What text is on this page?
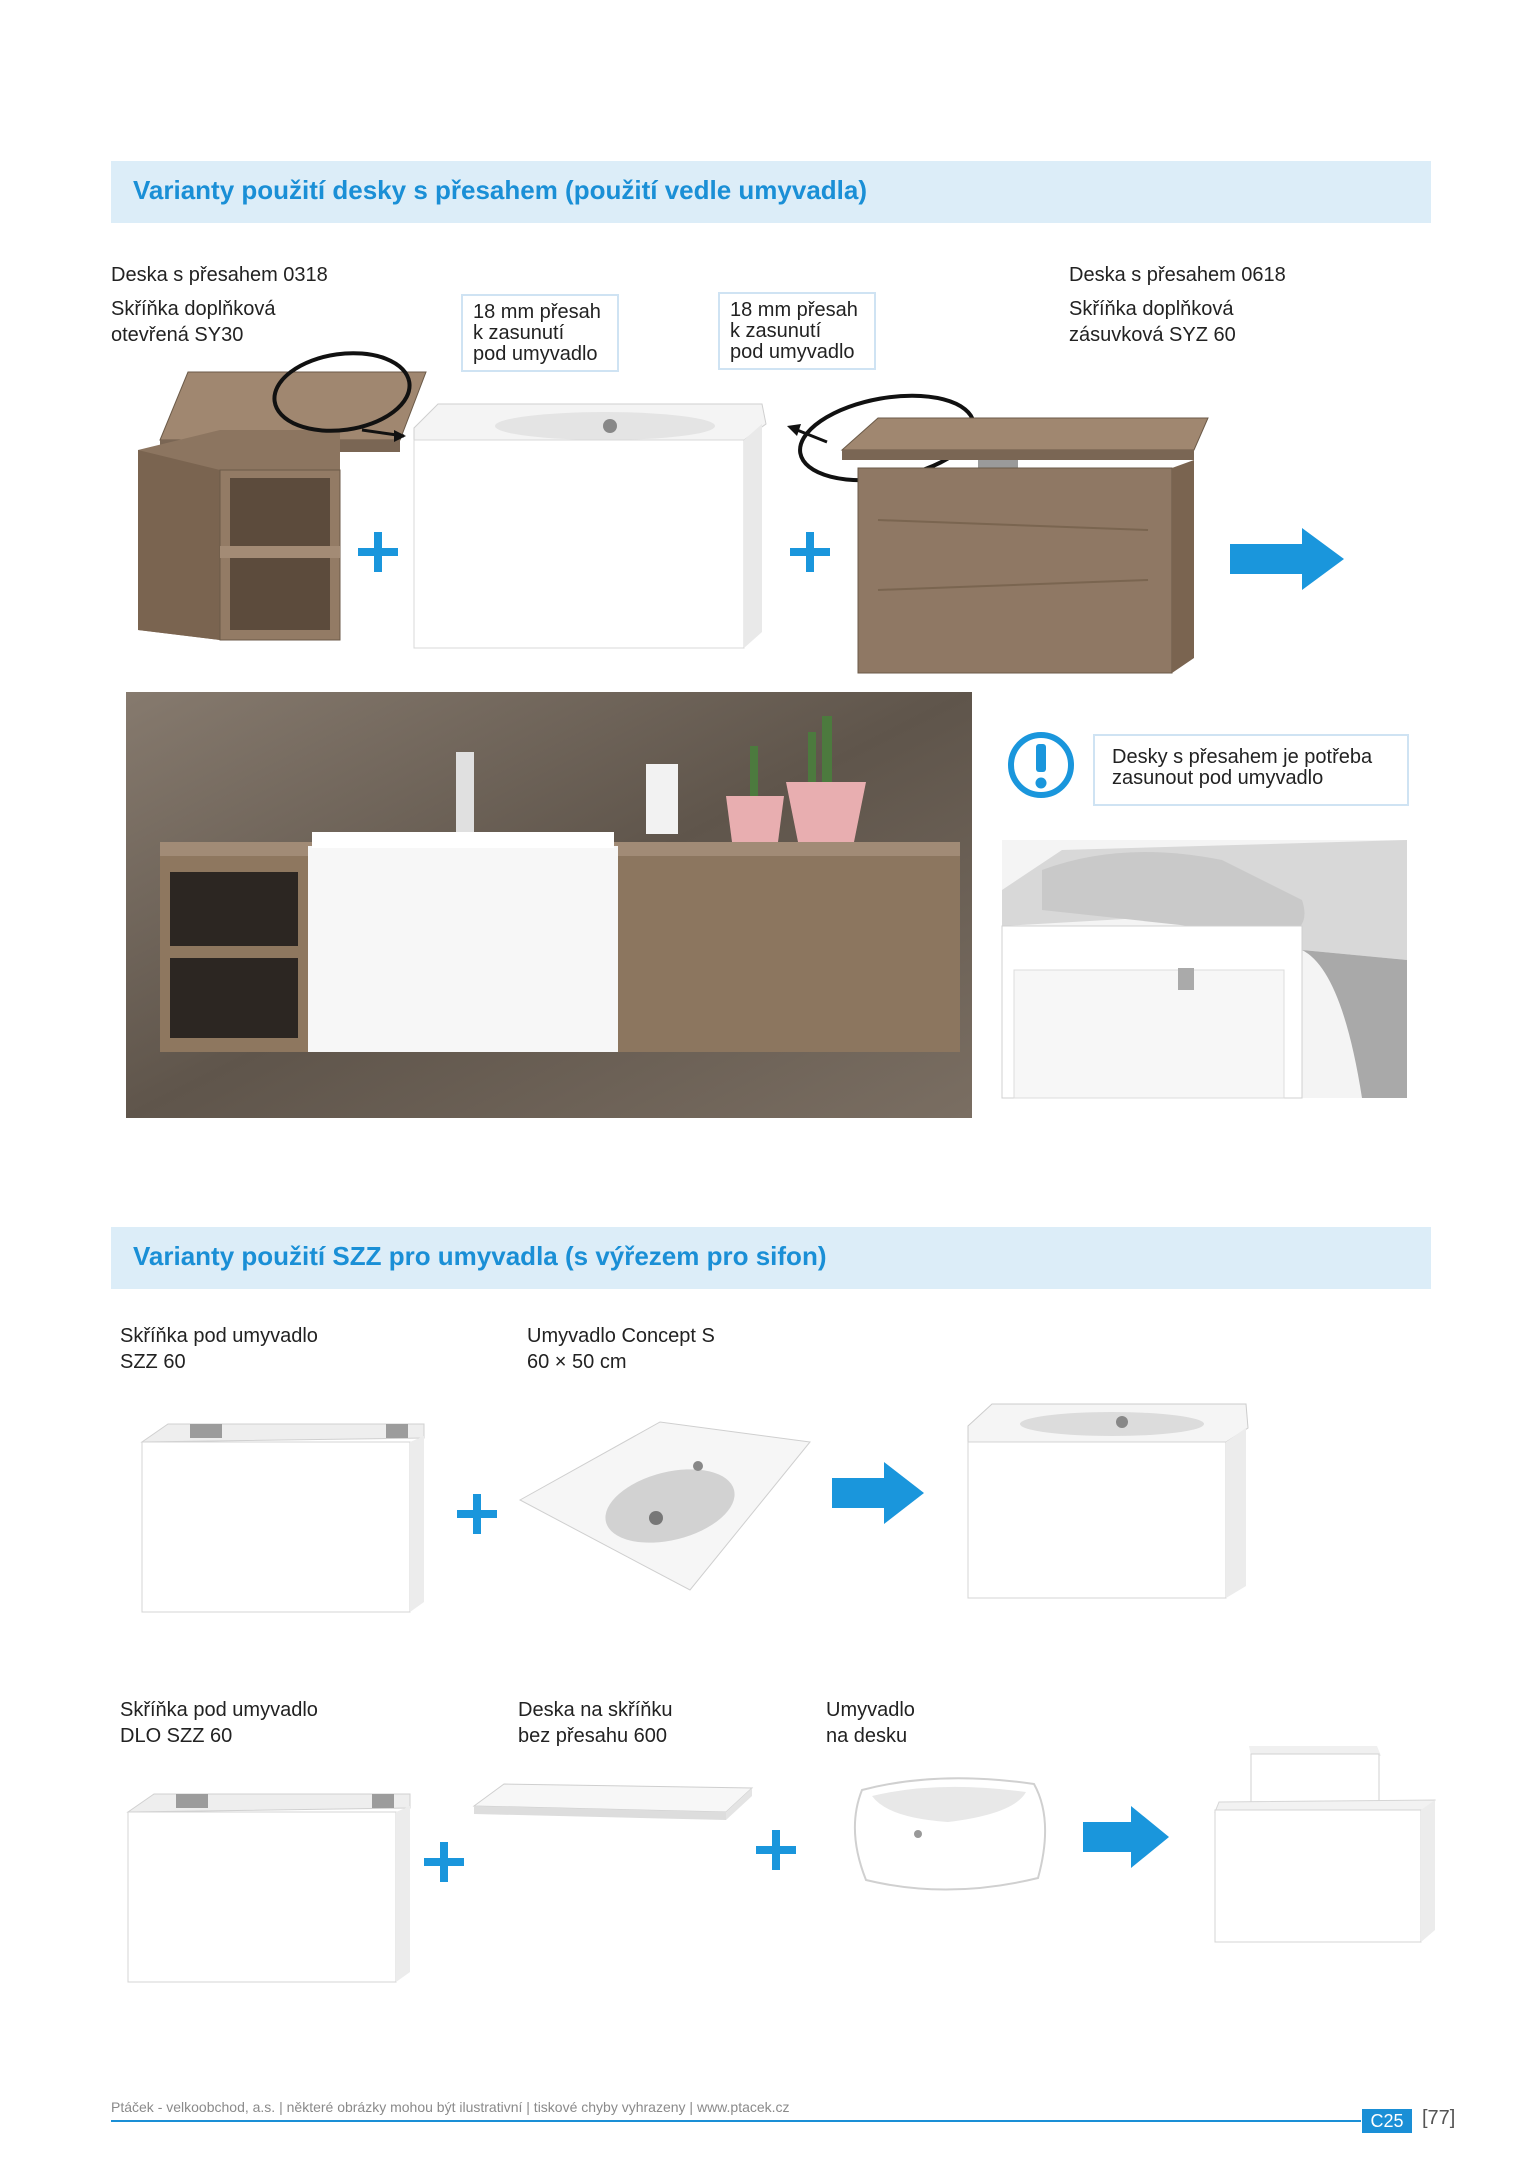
Varianty použití desky s přesahem (použití vedle umyvadla)
Deska s přesahem 0318
Skříňka doplňková
otevřená SY30
Deska s přesahem 0618
Skříňka doplňková
zásuvková SYZ 60
18 mm přesah
k zasunutí
pod umyvadlo
18 mm přesah
k zasunutí
pod umyvadlo
Desky s přesahem je potřeba
zasunout pod umyvadlo
Varianty použití SZZ pro umyvadla (s výřezem pro sifon)
Skříňka pod umyvadlo
SZZ 60
Umyvadlo Concept S
60 × 50 cm
Skříňka pod umyvadlo
DLO SZZ 60
Deska na skříňku
bez přesahu 600
Umyvadlo
na desku
Ptáček - velkoobchod, a.s. | některé obrázky mohou být ilustrativní | tiskové chyby vyhrazeny | www.ptacek.cz
C25 [77]
